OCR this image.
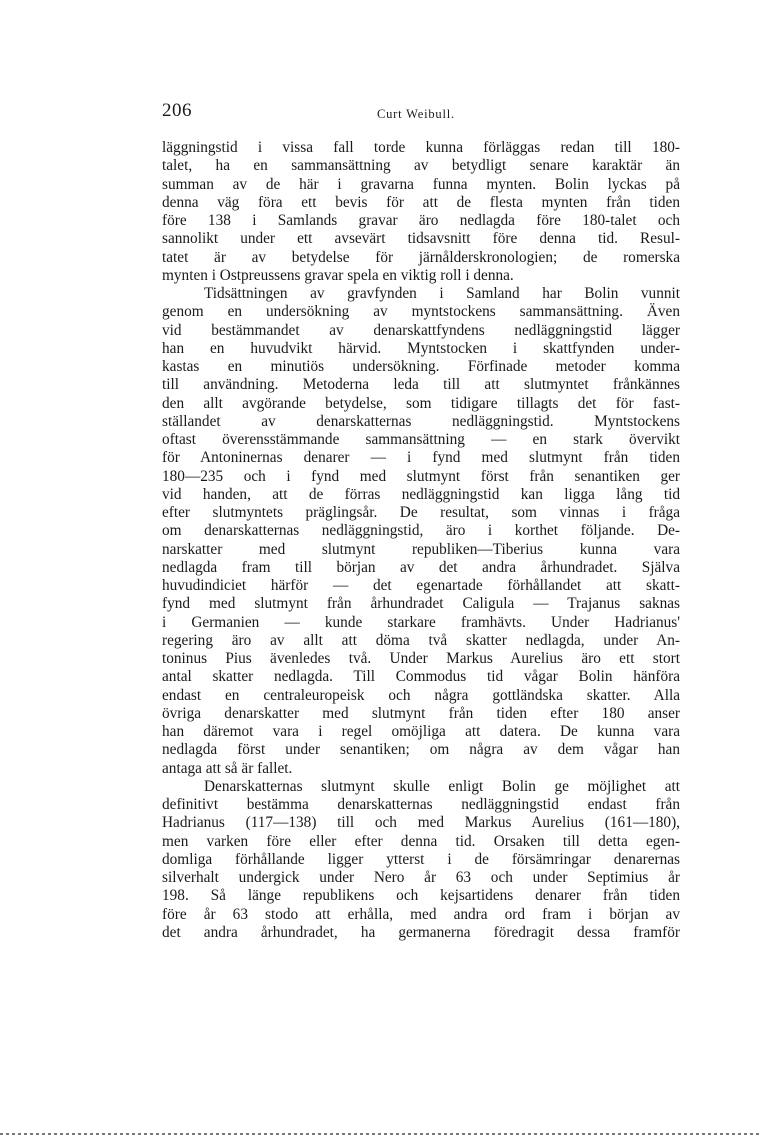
206	Curt Weibull.
läggningstid i vissa fall torde kunna förläggas redan till 180-
talet, ha en sammansättning av betydligt senare karaktär än
summan av de här i gravarna funna mynten. Bolin lyckas på
denna väg föra ett bevis för att de flesta mynten från tiden
före 138 i Samlands gravar äro nedlagda före 180-talet och
sannolikt under ett avsevärt tidsavsnitt före denna tid. Resul-
tatet är av betydelse för järnålderskronologien; de romerska
mynten i Ostpreussens gravar spela en viktig roll i denna.
Tidsättningen av gravfynden i Samland har Bolin vunnit
genom en undersökning av myntstockens sammansättning. Även
vid bestämmandet av denarskattfyndens nedläggningstid lägger
han en huvudvikt härvid. Myntstocken i skattfynden under-
kastas en minutiös undersökning. Förfinade metoder komma
till användning. Metoderna leda till att slutmyntet frånkännes
den allt avgörande betydelse, som tidigare tillagts det för fast-
ställandet av denarskatternas nedläggningstid. Myntstockens
oftast överensstämmande sammansättning — en stark övervikt
för Antoninernas denarer — i fynd med slutmynt från tiden
180—235 och i fynd med slutmynt först från senantiken ger
vid handen, att de förras nedläggningstid kan ligga lång tid
efter slutmyntets präglingsår. De resultat, som vinnas i fråga
om denarskatternas nedläggningstid, äro i korthet följande. De-
narskatter med slutmynt republiken—Tiberius kunna vara
nedlagda fram till början av det andra århundradet. Själva
huvudindiciet härför — det egenartade förhållandet att skatt-
fynd med slutmynt från århundradet Caligula — Trajanus saknas
i Germanien — kunde starkare framhävts. Under Hadrianus'
regering äro av allt att döma två skatter nedlagda, under An-
toninus Pius ävenledes två. Under Markus Aurelius äro ett stort
antal skatter nedlagda. Till Commodus tid vågar Bolin hänföra
endast en centraleuropeisk och några gottländska skatter. Alla
övriga denarskatter med slutmynt från tiden efter 180 anser
han däremot vara i regel omöjliga att datera. De kunna vara
nedlagda först under senantiken; om några av dem vågar han
antaga att så är fallet.
Denarskatternas slutmynt skulle enligt Bolin ge möjlighet att
definitivt bestämma denarskatternas nedläggningstid endast från
Hadrianus (117—138) till och med Markus Aurelius (161—180),
men varken före eller efter denna tid. Orsaken till detta egen-
domliga förhållande ligger ytterst i de försämringar denarernas
silverhalt undergick under Nero år 63 och under Septimius år
198. Så länge republikens och kejsartidens denarer från tiden
före år 63 stodo att erhålla, med andra ord fram i början av
det andra århundradet, ha germanerna föredragit dessa framför
